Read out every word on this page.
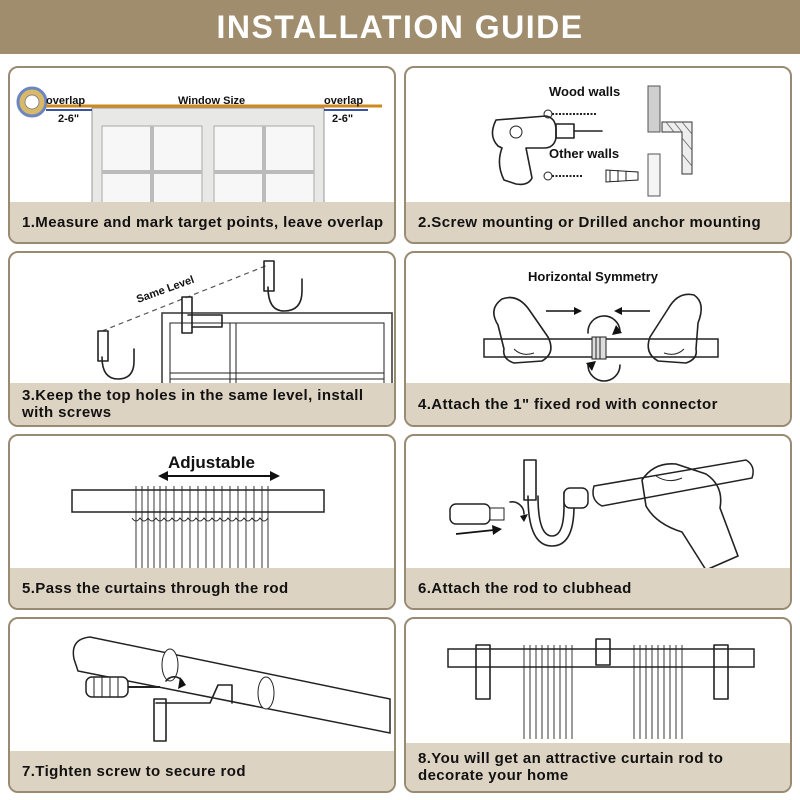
INSTALLATION GUIDE
overlap	Window Size	overlap
2-6"	2-6"
1.Measure and mark target points, leave overlap
Wood walls
Other walls
2.Screw mounting or Drilled anchor mounting
Same Level
3.Keep the top holes in the same level, install with screws
Horizontal Symmetry
4.Attach the 1" fixed rod with connector
Adjustable
5.Pass the curtains through the rod	6.Attach the rod to clubhead
7.Tighten screw to secure rod
8.You will get an attractive curtain rod to decorate your home
